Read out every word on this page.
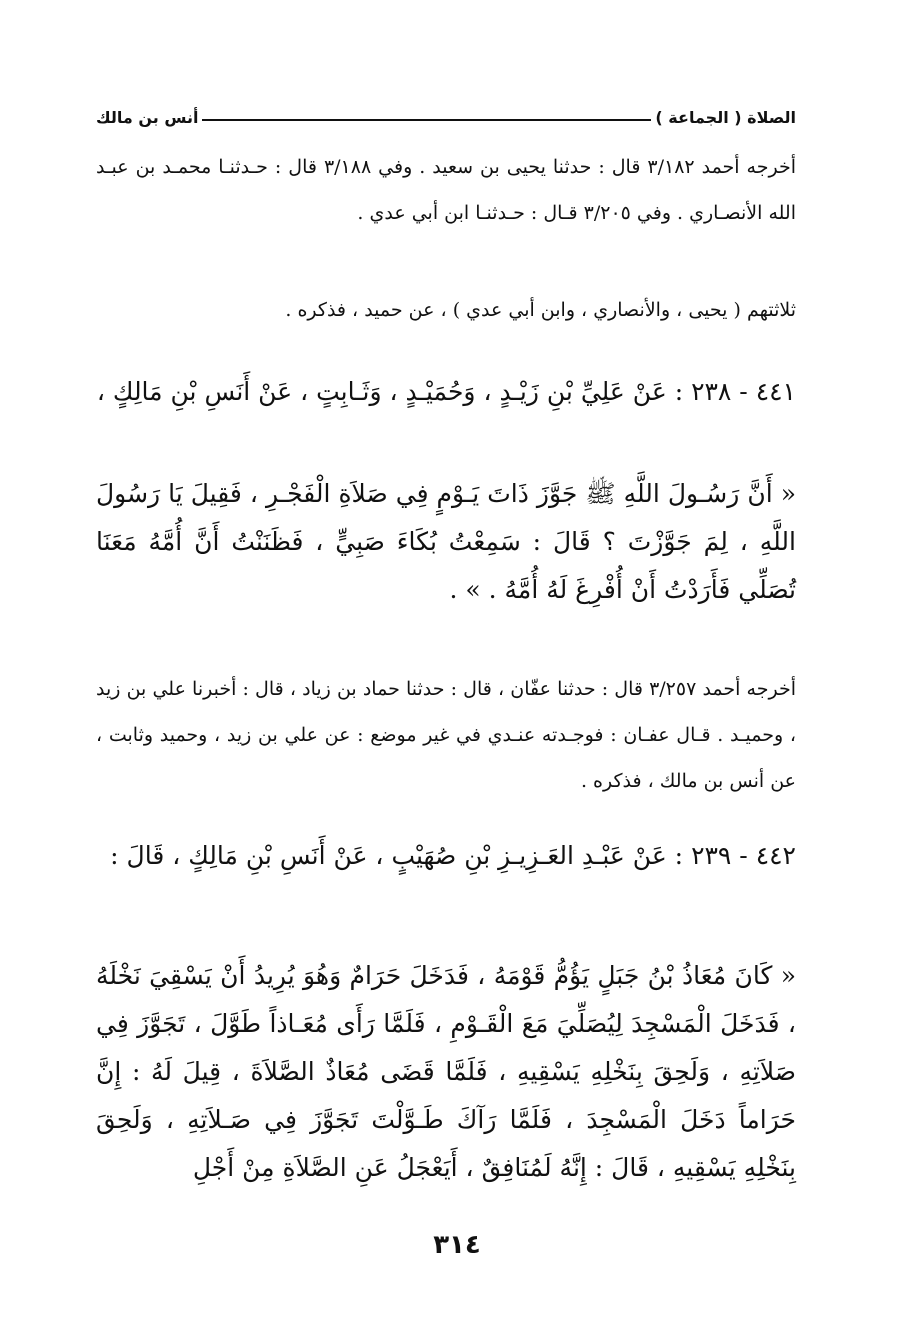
الصلاة ( الجماعة )
أنس بن مالك

أخرجه أحمد ٣/١٨٢ قال : حدثنا يحيى بن سعيد . وفي ٣/١٨٨ قال : حـدثنـا محمـد بن عبـد الله الأنصـاري . وفي ٣/٢٠٥ قـال : حـدثنـا ابن أبي عدي .

ثلاثتهم ( يحيى ، والأنصاري ، وابن أبي عدي ) ، عن حميد ، فذكره .

٤٤١ - ٢٣٨ : عَنْ عَلِيِّ بْنِ زَيْـدٍ ، وَحُمَيْـدٍ ، وَثَـابِتٍ ، عَنْ أَنَسِ بْنِ مَالِكٍ ،

« أَنَّ رَسُـولَ اللَّهِ ﷺ جَوَّزَ ذَاتَ يَـوْمٍ فِي صَلاَةِ الْفَجْـرِ ، فَقِيلَ يَا رَسُولَ اللَّهِ ، لِمَ جَوَّزْتَ ؟ قَالَ : سَمِعْتُ بُكَاءَ صَبِيٍّ ، فَظَنَنْتُ أَنَّ أُمَّهُ مَعَنَا تُصَلِّي فَأَرَدْتُ أَنْ أُفْرِغَ لَهُ أُمَّهُ . » .

أخرجه أحمد ٣/٢٥٧ قال : حدثنا عفّان ، قال : حدثنا حماد بن زياد ، قال : أخبرنا علي بن زيد ، وحميـد . قـال عفـان : فوجـدته عنـدي في غير موضع : عن علي بن زيد ، وحميد وثابت ، عن أنس بن مالك ، فذكره .

٤٤٢ - ٢٣٩ : عَنْ عَبْـدِ العَـزِيـزِ بْنِ صُهَيْبٍ ، عَنْ أَنَسِ بْنِ مَالِكٍ ، قَالَ :

« كَانَ مُعَاذُ بْنُ جَبَلٍ يَؤُمُّ قَوْمَهُ ، فَدَخَلَ حَرَامٌ وَهُوَ يُرِيدُ أَنْ يَسْقِيَ نَخْلَهُ ، فَدَخَلَ الْمَسْجِدَ لِيُصَلِّيَ مَعَ الْقَـوْمِ ، فَلَمَّا رَأَى مُعَـاذاً طَوَّلَ ، تَجَوَّزَ فِي صَلاَتِهِ ، وَلَحِقَ بِنَخْلِهِ يَسْقِيهِ ، فَلَمَّا قَضَى مُعَاذٌ الصَّلاَةَ ، قِيلَ لَهُ : إِنَّ حَرَاماً دَخَلَ الْمَسْجِدَ ، فَلَمَّا رَآكَ طَـوَّلْتَ تَجَوَّزَ فِي صَـلاَتِهِ ، وَلَحِقَ بِنَخْلِهِ يَسْقِيهِ ، قَالَ : إِنَّهُ لَمُنَافِقٌ ، أَيَعْجَلُ عَنِ الصَّلاَةِ مِنْ أَجْلِ

٣١٤
